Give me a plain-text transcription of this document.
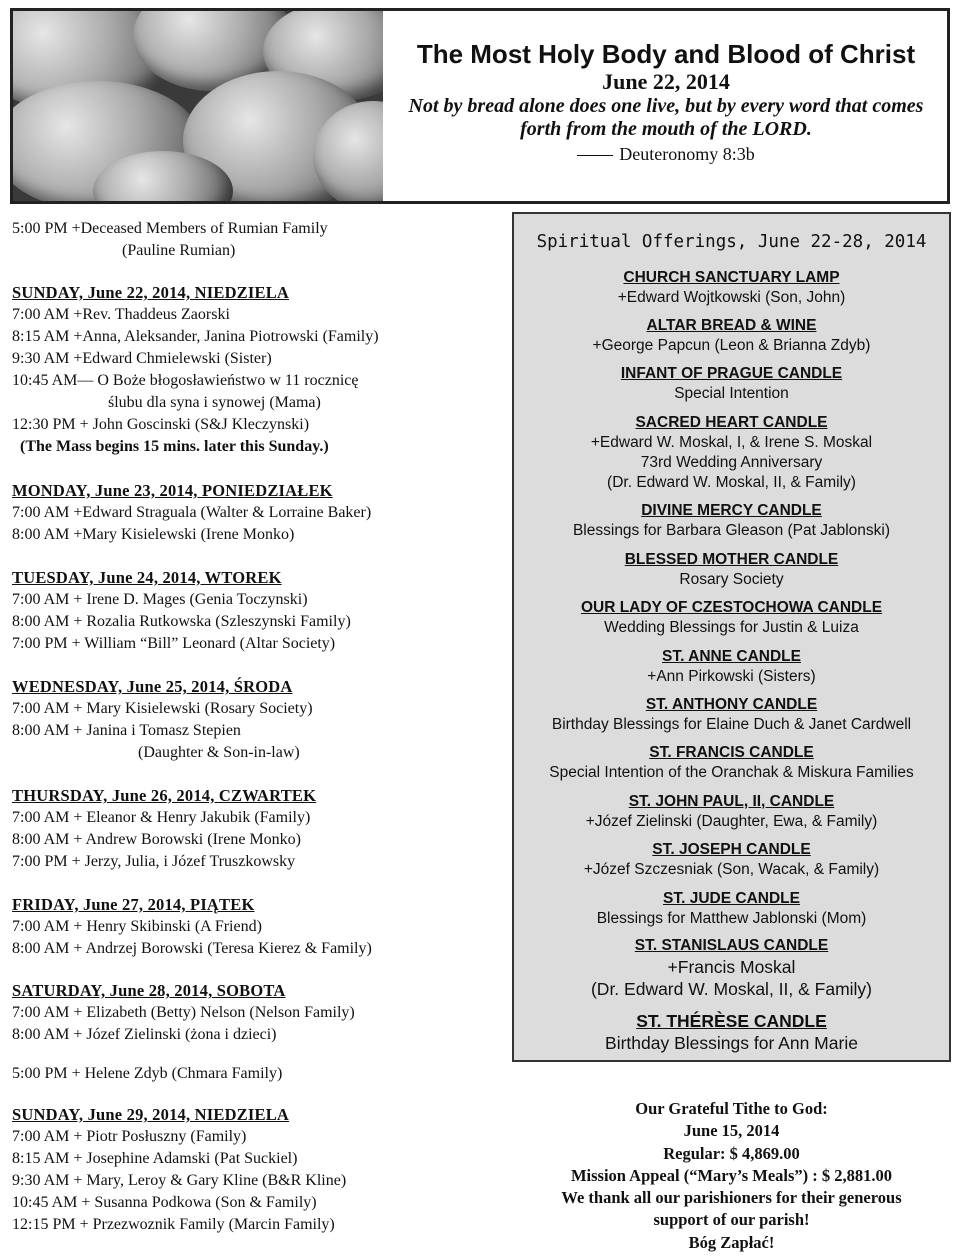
The Most Holy Body and Blood of Christ
June 22, 2014
Not by bread alone does one live, but by every word that comes
forth from the mouth of the LORD.
Deuteronomy 8:3b
5:00 PM +Deceased Members of Rumian Family
(Pauline Rumian)
SUNDAY, June 22, 2014, NIEDZIELA
7:00 AM +Rev. Thaddeus Zaorski
8:15 AM +Anna, Aleksander, Janina Piotrowski (Family)
9:30 AM +Edward Chmielewski (Sister)
10:45 AM— O Boże błogosławieństwo w 11 rocznicę
ślubu dla syna i synowej (Mama)
12:30 PM + John Goscinski (S&J Kleczynski)
(The Mass begins 15 mins. later this Sunday.)
MONDAY, June 23, 2014, PONIEDZIAŁEK
7:00 AM +Edward Straguala (Walter & Lorraine Baker)
8:00 AM +Mary Kisielewski (Irene Monko)
TUESDAY, June 24, 2014, WTOREK
7:00 AM + Irene D. Mages (Genia Toczynski)
8:00 AM + Rozalia Rutkowska (Szleszynski Family)
7:00 PM + William “Bill” Leonard (Altar Society)
WEDNESDAY, June 25, 2014, ŚRODA
7:00 AM + Mary Kisielewski (Rosary Society)
8:00 AM + Janina i Tomasz Stepien
(Daughter & Son-in-law)
THURSDAY, June 26, 2014, CZWARTEK
7:00 AM + Eleanor & Henry Jakubik (Family)
8:00 AM + Andrew Borowski (Irene Monko)
7:00 PM + Jerzy, Julia, i Józef Truszkowsky
FRIDAY, June 27, 2014, PIĄTEK
7:00 AM + Henry Skibinski (A Friend)
8:00 AM + Andrzej Borowski (Teresa Kierez & Family)
SATURDAY, June 28, 2014, SOBOTA
7:00 AM + Elizabeth (Betty) Nelson (Nelson Family)
8:00 AM + Józef Zielinski (żona i dzieci)
5:00 PM + Helene Zdyb (Chmara Family)
SUNDAY, June 29, 2014, NIEDZIELA
7:00 AM + Piotr Posłuszny (Family)
8:15 AM + Josephine Adamski (Pat Suckiel)
9:30 AM + Mary, Leroy & Gary Kline (B&R Kline)
10:45 AM + Susanna Podkowa (Son & Family)
12:15 PM + Przezwoznik Family (Marcin Family)
Spiritual Offerings, June 22-28, 2014
CHURCH SANCTUARY LAMP
+Edward Wojtkowski (Son, John)
ALTAR BREAD & WINE
+George Papcun (Leon & Brianna Zdyb)
INFANT OF PRAGUE CANDLE
Special Intention
SACRED HEART CANDLE
+Edward W. Moskal, I, & Irene S. Moskal
73rd Wedding Anniversary
(Dr. Edward W. Moskal, II, & Family)
DIVINE MERCY CANDLE
Blessings for Barbara Gleason (Pat Jablonski)
BLESSED MOTHER CANDLE
Rosary Society
OUR LADY OF CZESTOCHOWA CANDLE
Wedding Blessings for Justin & Luiza
ST. ANNE CANDLE
+Ann Pirkowski (Sisters)
ST. ANTHONY CANDLE
Birthday Blessings for Elaine Duch & Janet Cardwell
ST. FRANCIS CANDLE
Special Intention of the Oranchak & Miskura Families
ST. JOHN PAUL, II, CANDLE
+Józef Zielinski (Daughter, Ewa, & Family)
ST. JOSEPH CANDLE
+Józef Szczesniak (Son, Wacak, & Family)
ST. JUDE CANDLE
Blessings for Matthew Jablonski (Mom)
ST. STANISLAUS CANDLE
+Francis Moskal
(Dr. Edward W. Moskal, II, & Family)
ST. THÉRÈSE CANDLE
Birthday Blessings for Ann Marie
Our Grateful Tithe to God:
June 15, 2014
Regular: $ 4,869.00
Mission Appeal (“Mary’s Meals”) : $ 2,881.00
We thank all our parishioners for their generous
support of our parish!
Bóg Zapłać!
